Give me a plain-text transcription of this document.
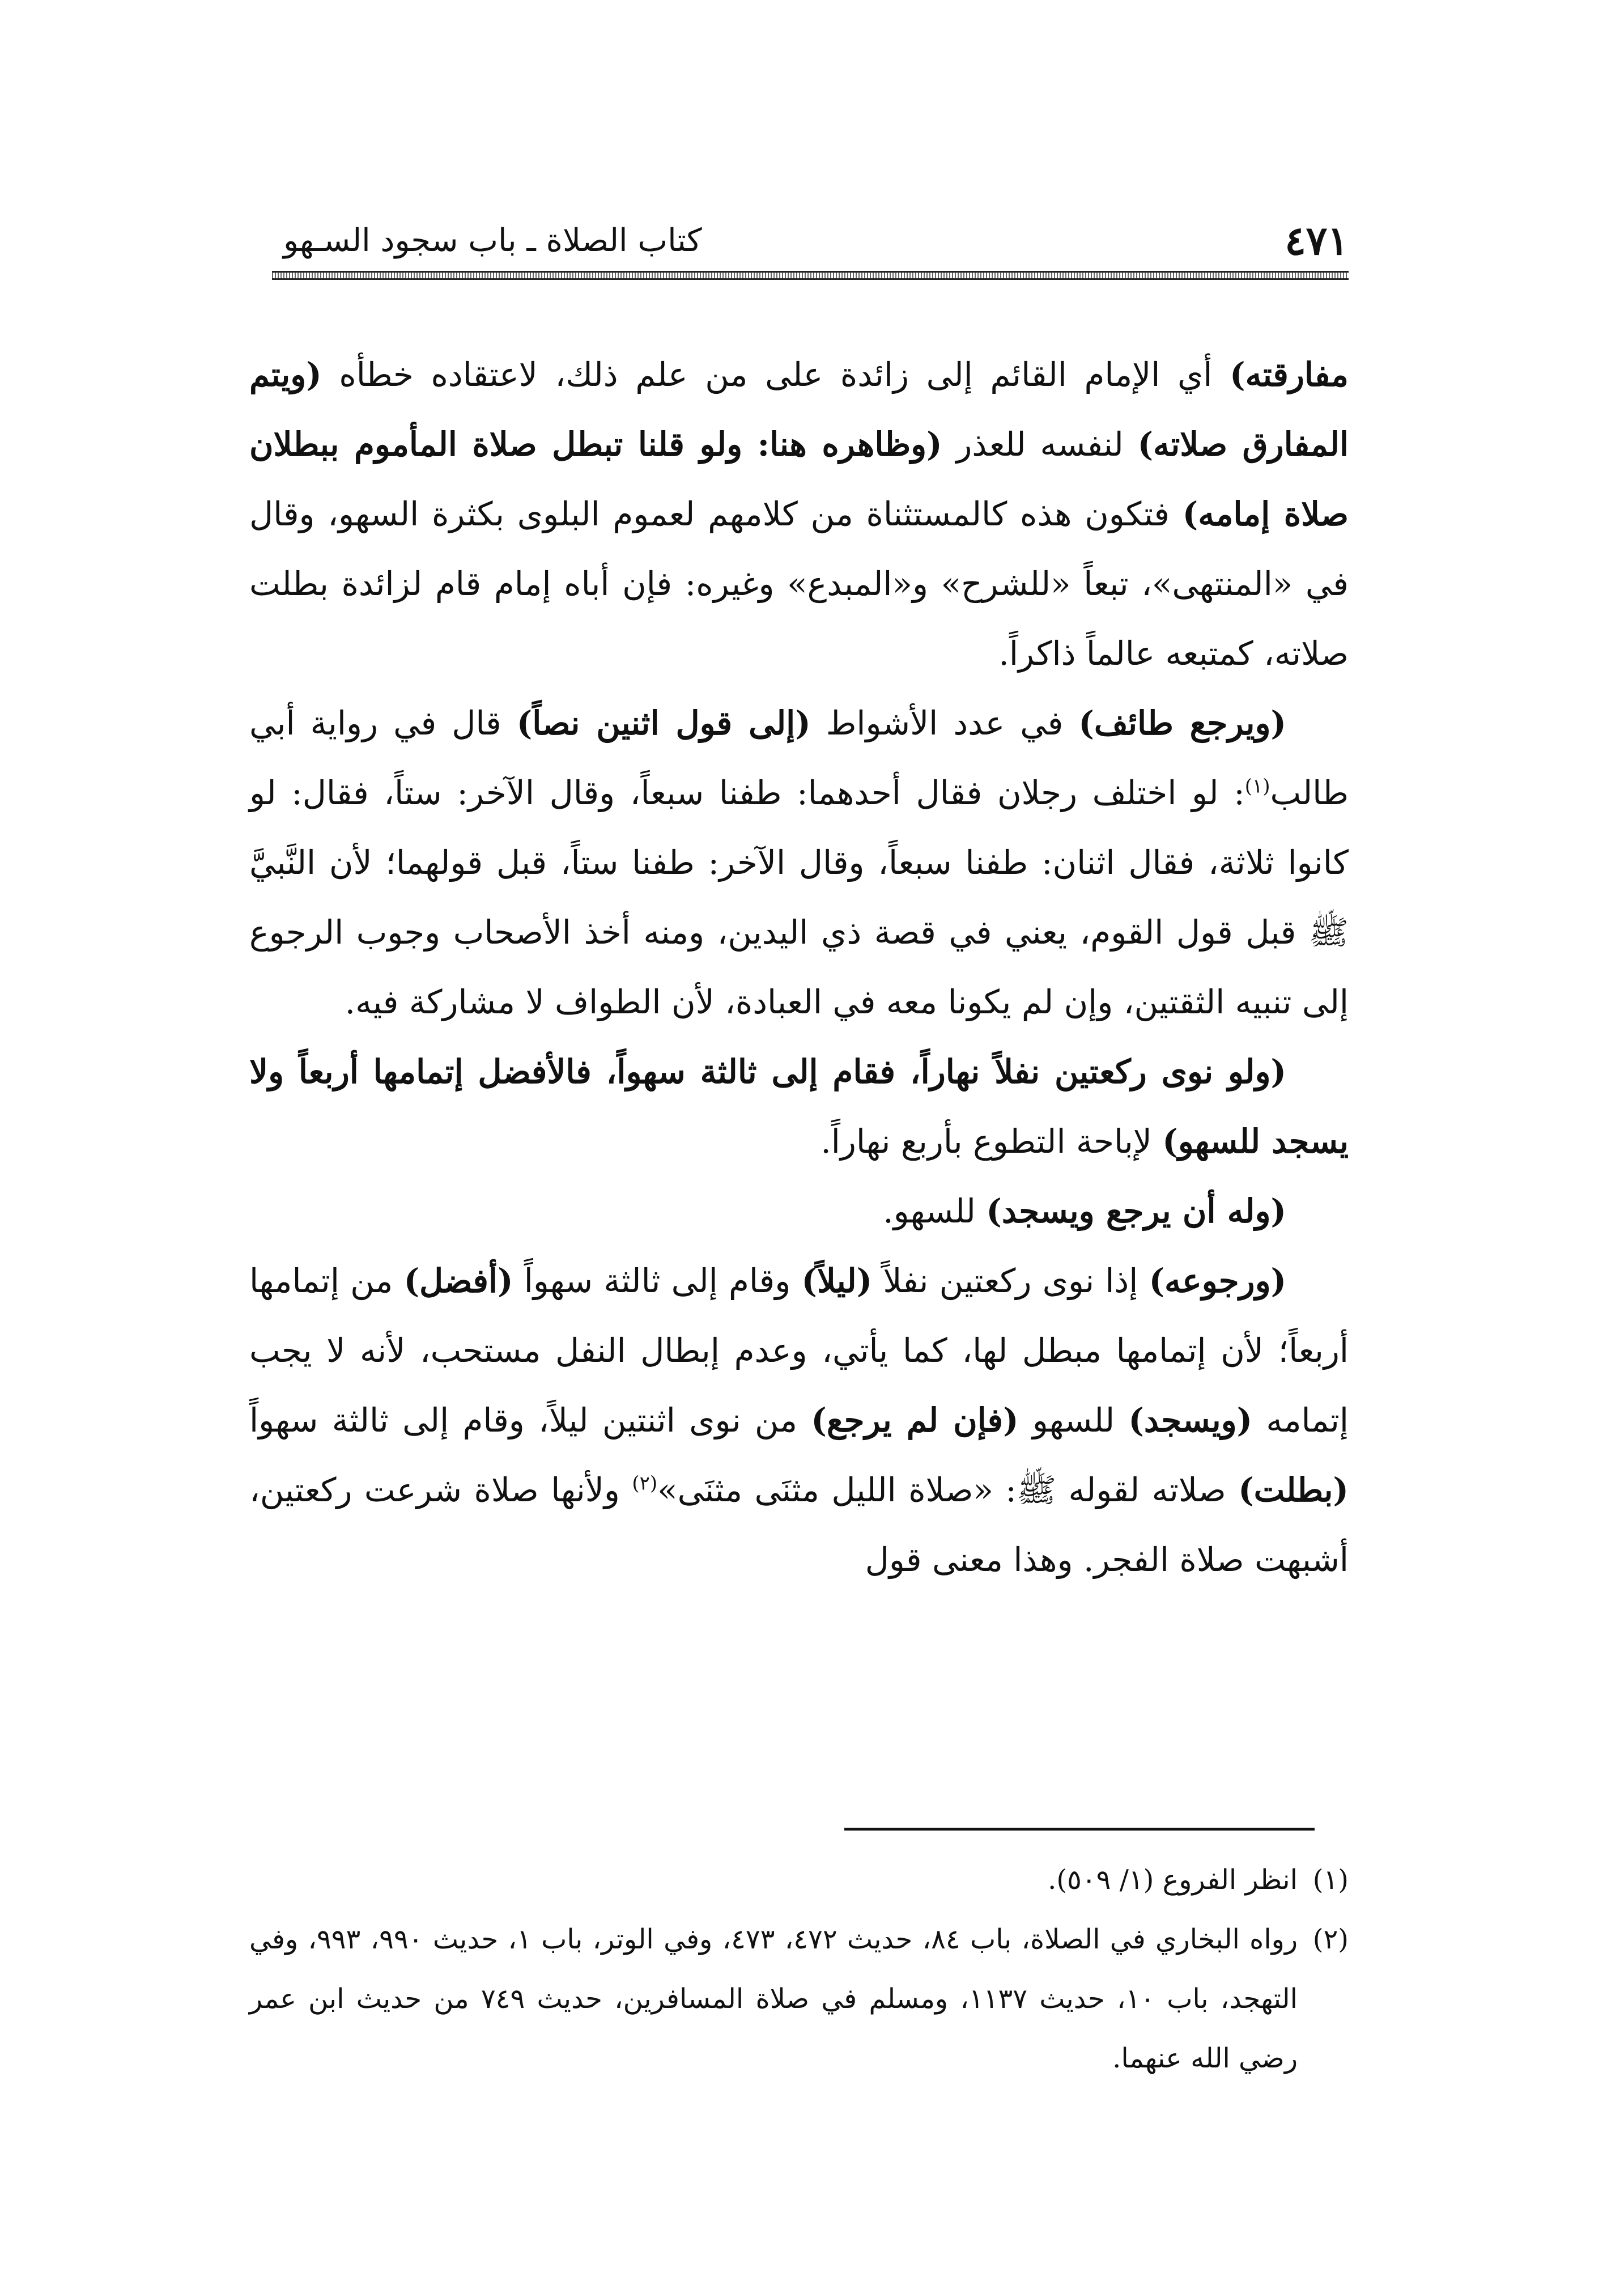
٤٧١
كتاب الصلاة ـ باب سجود السـهو

مفارقته) أي الإمام القائم إلى زائدة على من علم ذلك، لاعتقاده خطأه (ويتم المفارق صلاته) لنفسه للعذر (وظاهره هنا: ولو قلنا تبطل صلاة المأموم ببطلان صلاة إمامه) فتكون هذه كالمستثناة من كلامهم لعموم البلوى بكثرة السهو، وقال في «المنتهى»، تبعاً «للشرح» و«المبدع» وغيره: فإن أباه إمام قام لزائدة بطلت صلاته، كمتبعه عالماً ذاكراً.

(ويرجع طائف) في عدد الأشواط (إلى قول اثنين نصاً) قال في رواية أبي طالب$^{(١)}$: لو اختلف رجلان فقال أحدهما: طفنا سبعاً، وقال الآخر: ستاً، فقال: لو كانوا ثلاثة، فقال اثنان: طفنا سبعاً، وقال الآخر: طفنا ستاً، قبل قولهما؛ لأن النَّبيَّ ﷺ قبل قول القوم، يعني في قصة ذي اليدين، ومنه أخذ الأصحاب وجوب الرجوع إلى تنبيه الثقتين، وإن لم يكونا معه في العبادة، لأن الطواف لا مشاركة فيه.

(ولو نوى ركعتين نفلاً نهاراً، فقام إلى ثالثة سهواً، فالأفضل إتمامها أربعاً ولا يسجد للسهو) لإباحة التطوع بأربع نهاراً.

(وله أن يرجع ويسجد) للسهو.

(ورجوعه) إذا نوى ركعتين نفلاً (ليلاً) وقام إلى ثالثة سهواً (أفضل) من إتمامها أربعاً؛ لأن إتمامها مبطل لها، كما يأتي، وعدم إبطال النفل مستحب، لأنه لا يجب إتمامه (ويسجد) للسهو (فإن لم يرجع) من نوى اثنتين ليلاً، وقام إلى ثالثة سهواً (بطلت) صلاته لقوله ﷺ: «صلاة الليل مثنَى مثنَى»$^{(٢)}$ ولأنها صلاة شرعت ركعتين، أشبهت صلاة الفجر. وهذا معنى قول

(١)
انظر الفروع (١/ ٥٠٩).
(٢)
رواه البخاري في الصلاة، باب ٨٤، حديث ٤٧٢، ٤٧٣، وفي الوتر، باب ١، حديث ٩٩٠، ٩٩٣، وفي التهجد، باب ١٠، حديث ١١٣٧، ومسلم في صلاة المسافرين، حديث ٧٤٩ من حديث ابن عمر رضي الله عنهما.
